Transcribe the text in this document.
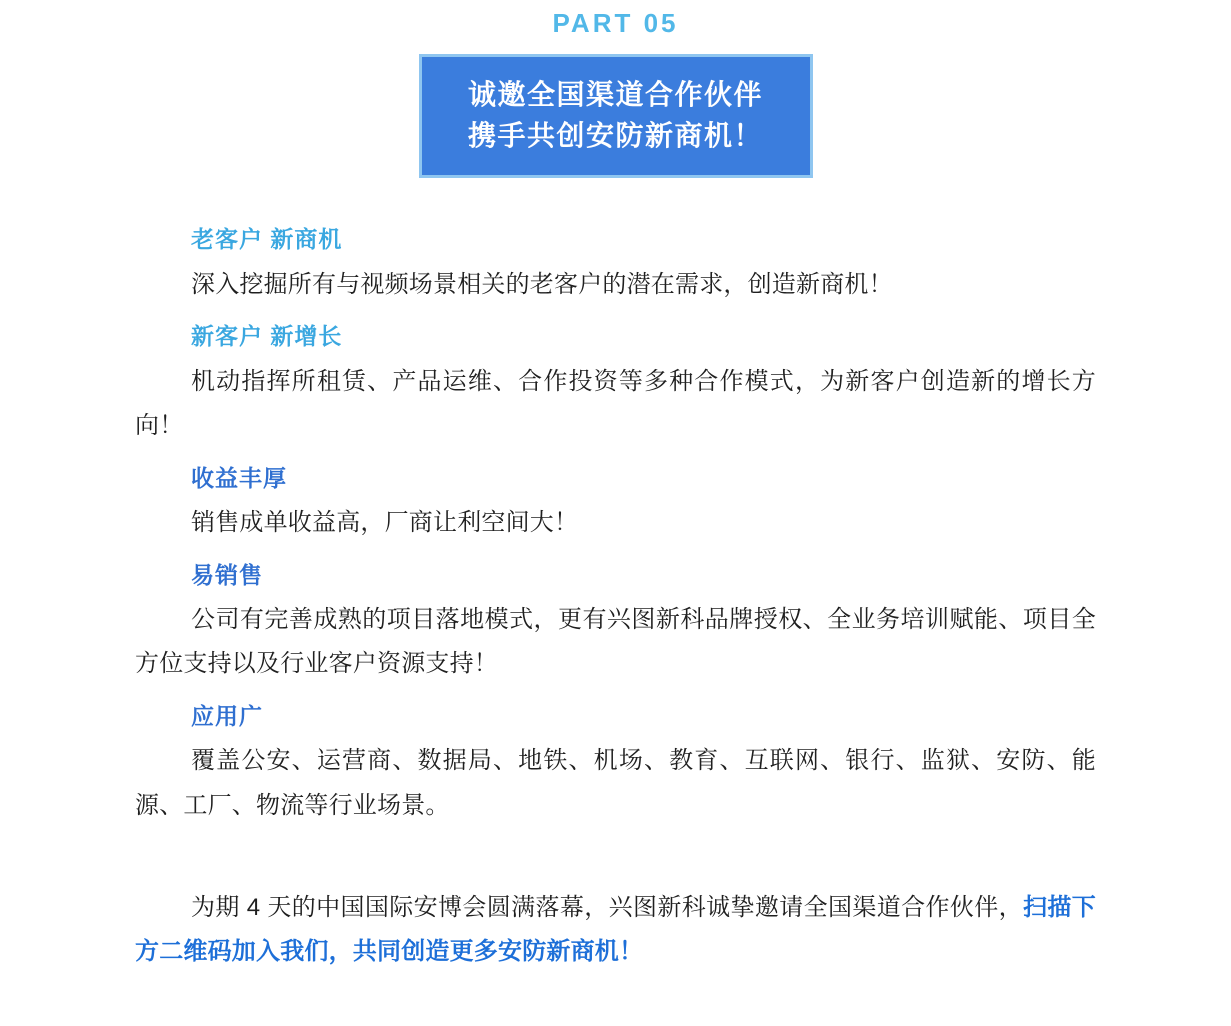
PART 05
诚邀全国渠道合作伙伴
携手共创安防新商机！
老客户 新商机
深入挖掘所有与视频场景相关的老客户的潜在需求，创造新商机！
新客户 新增长
机动指挥所租赁、产品运维、合作投资等多种合作模式，为新客户创造新的增长方向！
收益丰厚
销售成单收益高，厂商让利空间大！
易销售
公司有完善成熟的项目落地模式，更有兴图新科品牌授权、全业务培训赋能、项目全方位支持以及行业客户资源支持！
应用广
覆盖公安、运营商、数据局、地铁、机场、教育、互联网、银行、监狱、安防、能源、工厂、物流等行业场景。

为期 4 天的中国国际安博会圆满落幕，兴图新科诚挚邀请全国渠道合作伙伴，扫描下方二维码加入我们，共同创造更多安防新商机！
